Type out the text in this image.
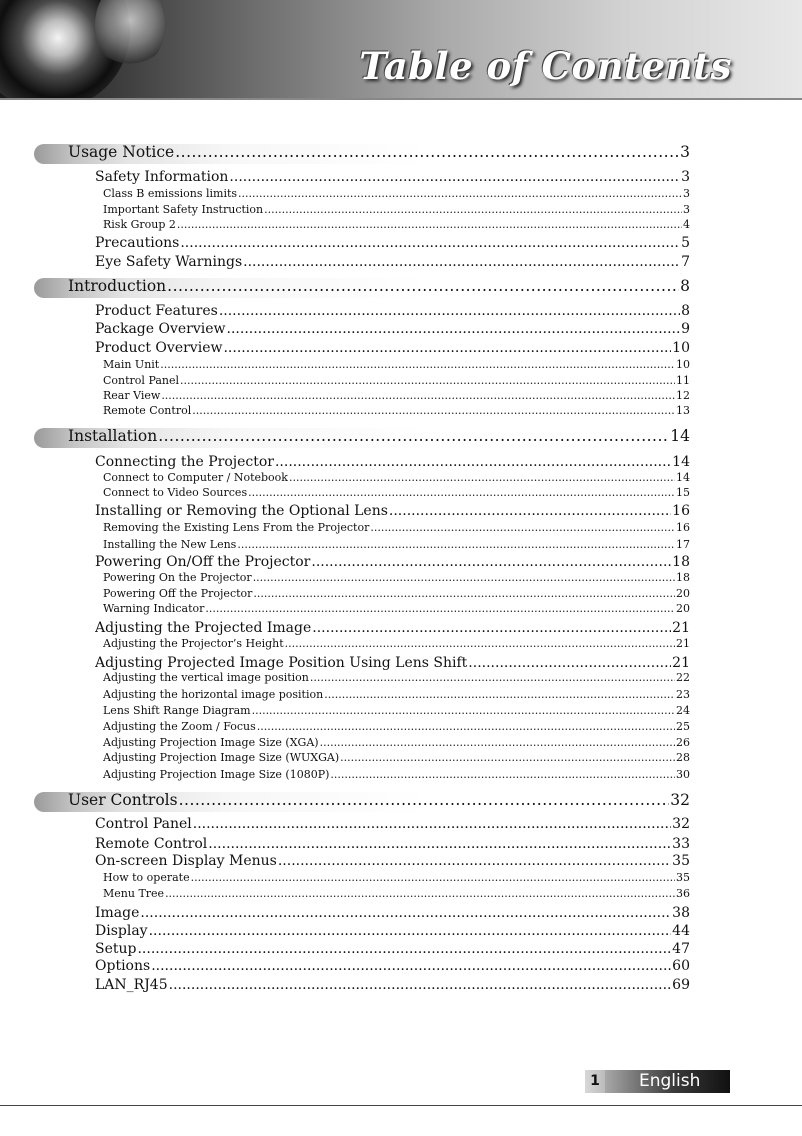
Table of Contents
Usage Notice .....	3
Safety Information .....	3
Class B emissions limits .....	3
Important Safety Instruction .....	3
Risk Group 2 .....	4
Precautions .....	5
Eye Safety Warnings .....	7
Introduction .....	8
Product Features .....	8
Package Overview .....	9
Product Overview .....	10
Main Unit .....	10
Control Panel .....	11
Rear View .....	12
Remote Control .....	13
Installation .....	14
Connecting the Projector .....	14
Connect to Computer / Notebook .....	14
Connect to Video Sources .....	15
Installing or Removing the Optional Lens .....	16
Removing the Existing Lens From the Projector .....	16
Installing the New Lens .....	17
Powering On/Off the Projector .....	18
Powering On the Projector .....	18
Powering Off the Projector .....	20
Warning Indicator .....	20
Adjusting the Projected Image .....	21
Adjusting the Projector’s Height .....	21
Adjusting Projected Image Position Using Lens Shift .....	21
Adjusting the vertical image position .....	22
Adjusting the horizontal image position .....	23
Lens Shift Range Diagram .....	24
Adjusting the Zoom / Focus .....	25
Adjusting Projection Image Size (XGA) .....	26
Adjusting Projection Image Size (WUXGA) .....	28
Adjusting Projection Image Size (1080P) .....	30
User Controls .....	32
Control Panel .....	32
Remote Control .....	33
On-screen Display Menus .....	35
How to operate .....	35
Menu Tree .....	36
Image .....	38
Display .....	44
Setup .....	47
Options .....	60
LAN_RJ45 .....	69
1	English
